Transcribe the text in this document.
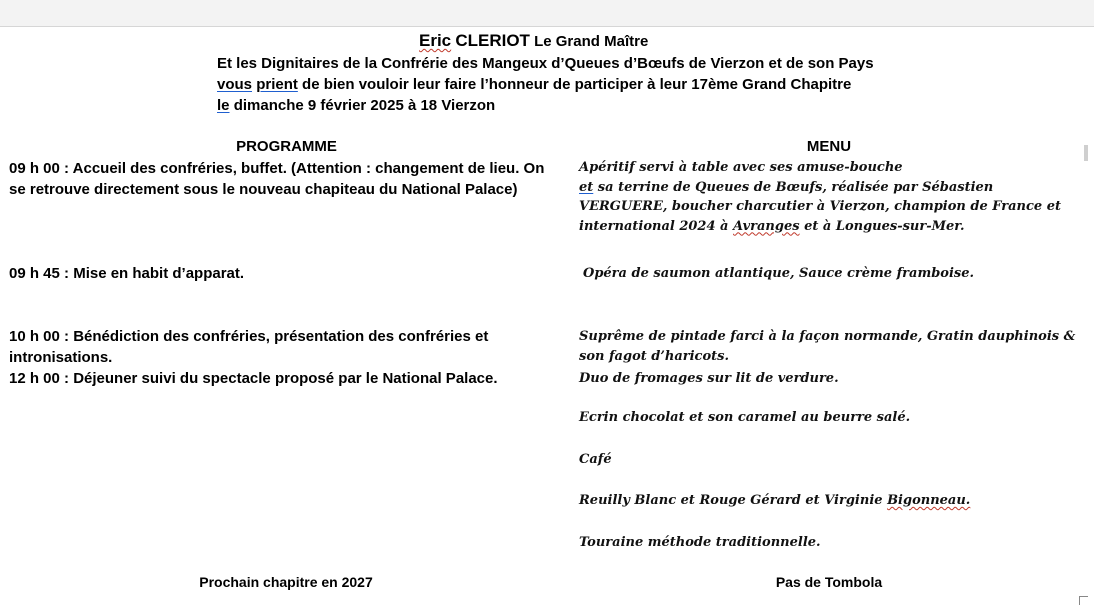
Eric CLERIOT Le Grand Maître
Et les Dignitaires de la Confrérie des Mangeux d’Queues d’Bœufs de Vierzon et de son Pays
vous prient de bien vouloir leur faire l’honneur de participer à leur 17ème Grand Chapitre
le dimanche 9 février 2025 à 18 Vierzon
PROGRAMME	MENU
09 h 00 : Accueil des confréries, buffet. (Attention : changement de lieu. On se retrouve directement sous le nouveau chapiteau du National Palace)
09 h 45 : Mise en habit d’apparat.
10 h 00 : Bénédiction des confréries, présentation des confréries et intronisations.
12 h 00 : Déjeuner suivi du spectacle proposé par le National Palace.
Apéritif servi à table avec ses amuse-bouche
et sa terrine de Queues de Bœufs, réalisée par Sébastien VERGUERE, boucher charcutier à Vierzon, champion de France et international 2024 à Avranges et à Longues-sur-Mer.
Opéra de saumon atlantique, Sauce crème framboise.
Suprême de pintade farci à la façon normande, Gratin dauphinois & son fagot d’haricots.
Duo de fromages sur lit de verdure.
Ecrin chocolat et son caramel au beurre salé.
Café
Reuilly Blanc et Rouge Gérard et Virginie Bigonneau.
Touraine méthode traditionnelle.
Prochain chapitre en 2027	Pas de Tombola
